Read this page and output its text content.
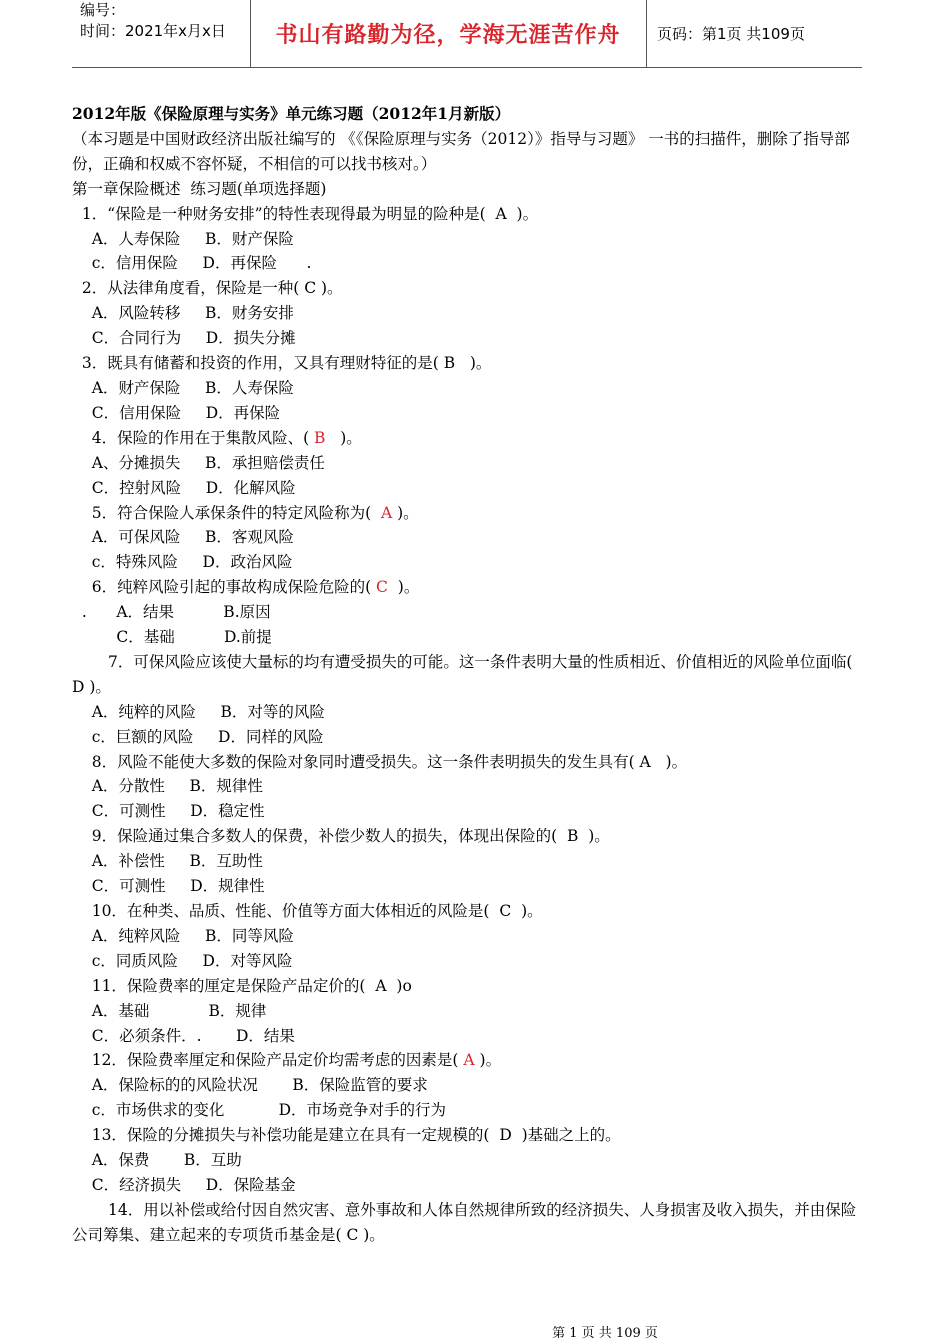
编号：
时间：2021年x月x日	书山有路勤为径，学海无涯苦作舟	页码：第1页 共109页
2012年版《保险原理与实务》单元练习题（2012年1月新版）
（本习题是中国财政经济出版社编写的 《《保险原理与实务（2012）》指导与习题》 一书的扫描件，删除了指导部份，正确和权威不容怀疑，不相信的可以找书核对。）
第一章保险概述  练习题(单项选择题)
1．“保险是一种财务安排”的特性表现得最为明显的险种是(  A  )。
A．人寿保险     B．财产保险
c．信用保险     D．再保险      .
2．从法律角度看，保险是一种( C )。
A．风险转移     B．财务安排
C．合同行为     D．损失分摊
3．既具有储蓄和投资的作用，又具有理财特征的是( B   )。
A．财产保险     B．人寿保险
C．信用保险     D．再保险
4．保险的作用在于集散风险、( B   )。
A、分摊损失     B．承担赔偿责任
C．控射风险     D．化解风险
5．符合保险人承保条件的特定风险称为(  A )。
A．可保风险     B．客观风险
c．特殊风险     D．政治风险
6．纯粹风险引起的事故构成保险危险的( C  )。
.      A．结果          B.原因
C．基础          D.前提
7．可保风险应该使大量标的均有遭受损失的可能。这一条件表明大量的性质相近、价值相近的风险单位面临( D )。
A．纯粹的风险     B．对等的风险
c．巨额的风险     D．同样的风险
8．风险不能使大多数的保险对象同时遭受损失。这一条件表明损失的发生具有( A   )。
A．分散性     B．规律性
C．可测性     D．稳定性
9．保险通过集合多数人的保费，补偿少数人的损失，体现出保险的(  B  )。
A．补偿性     B．互助性
C．可测性     D．规律性
10．在种类、品质、性能、价值等方面大体相近的风险是(  C  )。
A．纯粹风险     B．同等风险
c．同质风险     D．对等风险
11．保险费率的厘定是保险产品定价的(  A  )o
A．基础            B．规律
C．必须条件．.       D．结果
12．保险费率厘定和保险产品定价均需考虑的因素是( A )。
A．保险标的的风险状况       B．保险监管的要求
c．市场供求的变化           D．市场竞争对手的行为
13．保险的分摊损失与补偿功能是建立在具有一定规模的(  D  )基础之上的。
A．保费       B．互助
C．经济损失     D．保险基金
14．用以补偿或给付因自然灾害、意外事故和人体自然规律所致的经济损失、人身损害及收入损失，并由保险公司筹集、建立起来的专项货币基金是( C )。
第 1 页 共 109 页
